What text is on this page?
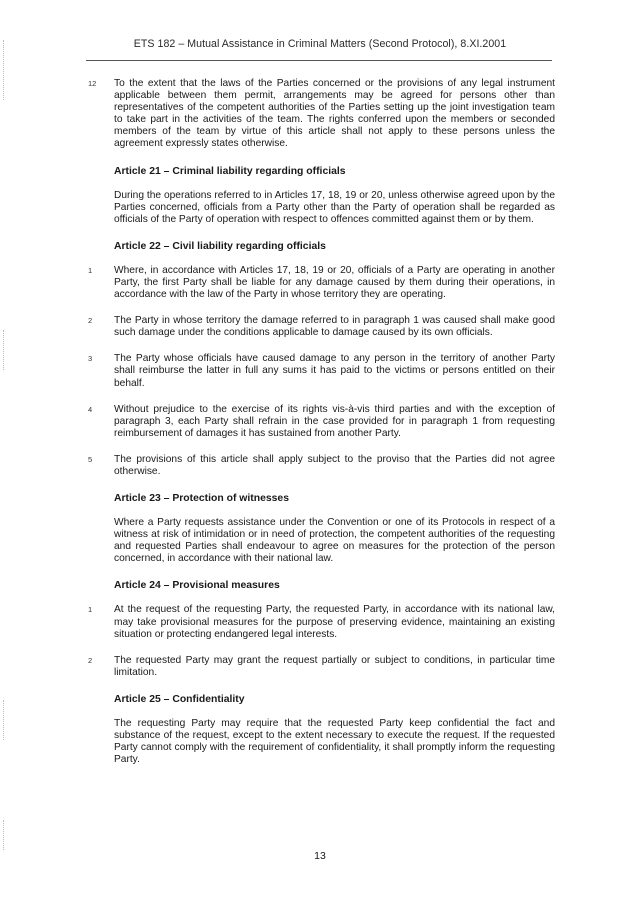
ETS 182 – Mutual Assistance in Criminal Matters (Second Protocol), 8.XI.2001
12 To the extent that the laws of the Parties concerned or the provisions of any legal instrument applicable between them permit, arrangements may be agreed for persons other than representatives of the competent authorities of the Parties setting up the joint investigation team to take part in the activities of the team. The rights conferred upon the members or seconded members of the team by virtue of this article shall not apply to these persons unless the agreement expressly states otherwise.
Article 21 – Criminal liability regarding officials
During the operations referred to in Articles 17, 18, 19 or 20, unless otherwise agreed upon by the Parties concerned, officials from a Party other than the Party of operation shall be regarded as officials of the Party of operation with respect to offences committed against them or by them.
Article 22 – Civil liability regarding officials
1 Where, in accordance with Articles 17, 18, 19 or 20, officials of a Party are operating in another Party, the first Party shall be liable for any damage caused by them during their operations, in accordance with the law of the Party in whose territory they are operating.
2 The Party in whose territory the damage referred to in paragraph 1 was caused shall make good such damage under the conditions applicable to damage caused by its own officials.
3 The Party whose officials have caused damage to any person in the territory of another Party shall reimburse the latter in full any sums it has paid to the victims or persons entitled on their behalf.
4 Without prejudice to the exercise of its rights vis-à-vis third parties and with the exception of paragraph 3, each Party shall refrain in the case provided for in paragraph 1 from requesting reimbursement of damages it has sustained from another Party.
5 The provisions of this article shall apply subject to the proviso that the Parties did not agree otherwise.
Article 23 – Protection of witnesses
Where a Party requests assistance under the Convention or one of its Protocols in respect of a witness at risk of intimidation or in need of protection, the competent authorities of the requesting and requested Parties shall endeavour to agree on measures for the protection of the person concerned, in accordance with their national law.
Article 24 – Provisional measures
1 At the request of the requesting Party, the requested Party, in accordance with its national law, may take provisional measures for the purpose of preserving evidence, maintaining an existing situation or protecting endangered legal interests.
2 The requested Party may grant the request partially or subject to conditions, in particular time limitation.
Article 25 – Confidentiality
The requesting Party may require that the requested Party keep confidential the fact and substance of the request, except to the extent necessary to execute the request. If the requested Party cannot comply with the requirement of confidentiality, it shall promptly inform the requesting Party.
13
